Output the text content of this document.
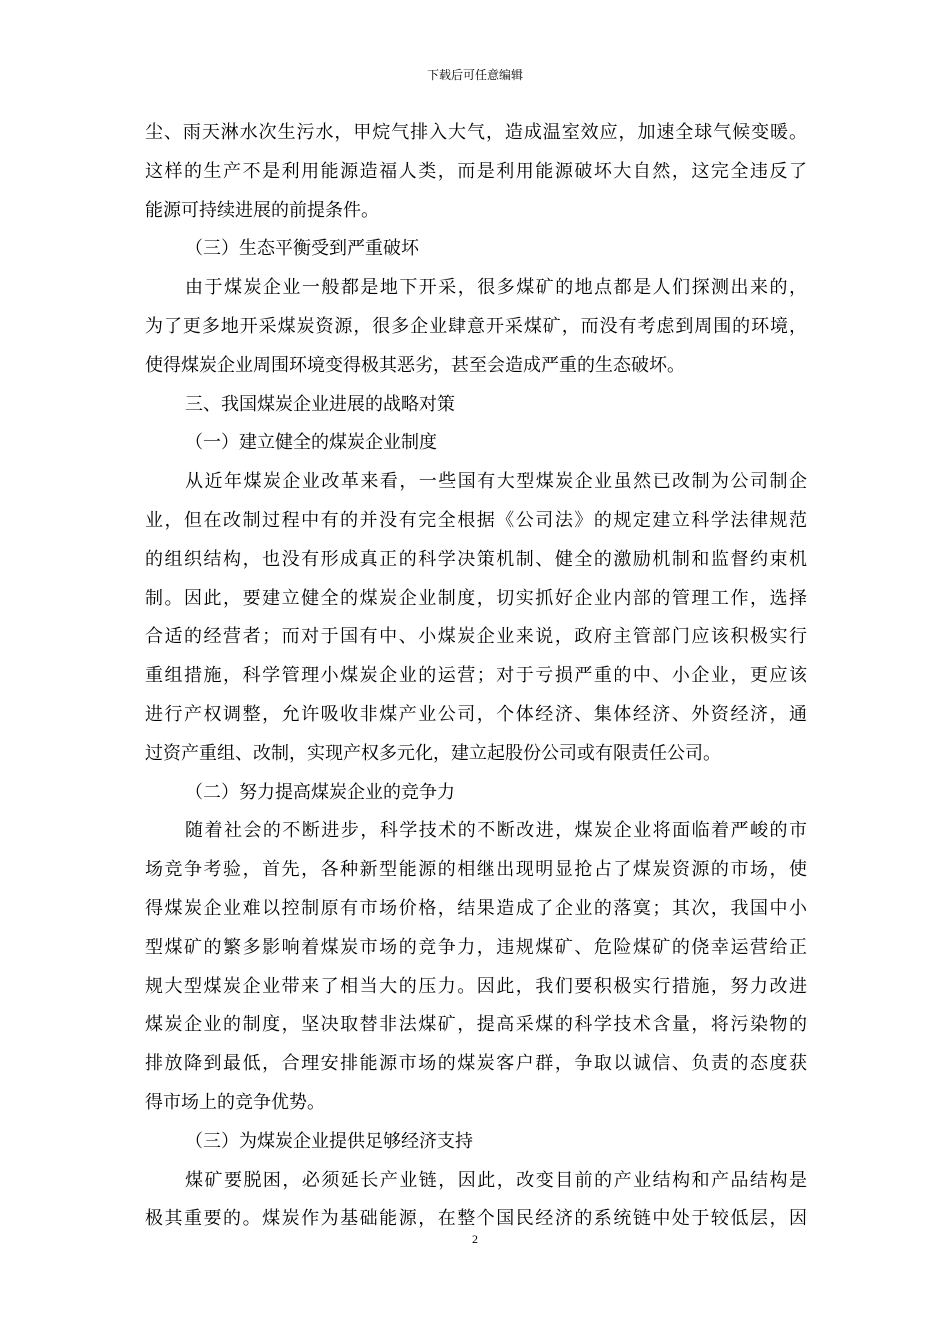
下载后可任意编辑
尘、雨天淋水次生污水，甲烷气排入大气，造成温室效应，加速全球气候变暖。
这样的生产不是利用能源造福人类，而是利用能源破坏大自然，这完全违反了
能源可持续进展的前提条件。
（三）生态平衡受到严重破坏
由于煤炭企业一般都是地下开采，很多煤矿的地点都是人们探测出来的，
为了更多地开采煤炭资源，很多企业肆意开采煤矿，而没有考虑到周围的环境，
使得煤炭企业周围环境变得极其恶劣，甚至会造成严重的生态破坏。
三、我国煤炭企业进展的战略对策
（一）建立健全的煤炭企业制度
从近年煤炭企业改革来看，一些国有大型煤炭企业虽然已改制为公司制企
业，但在改制过程中有的并没有完全根据《公司法》的规定建立科学法律规范
的组织结构，也没有形成真正的科学决策机制、健全的激励机制和监督约束机
制。因此，要建立健全的煤炭企业制度，切实抓好企业内部的管理工作，选择
合适的经营者；而对于国有中、小煤炭企业来说，政府主管部门应该积极实行
重组措施，科学管理小煤炭企业的运营；对于亏损严重的中、小企业，更应该
进行产权调整，允许吸收非煤产业公司，个体经济、集体经济、外资经济，通
过资产重组、改制，实现产权多元化，建立起股份公司或有限责任公司。
（二）努力提高煤炭企业的竞争力
随着社会的不断进步，科学技术的不断改进，煤炭企业将面临着严峻的市
场竞争考验，首先，各种新型能源的相继出现明显抢占了煤炭资源的市场，使
得煤炭企业难以控制原有市场价格，结果造成了企业的落寞；其次，我国中小
型煤矿的繁多影响着煤炭市场的竞争力，违规煤矿、危险煤矿的侥幸运营给正
规大型煤炭企业带来了相当大的压力。因此，我们要积极实行措施，努力改进
煤炭企业的制度，坚决取替非法煤矿，提高采煤的科学技术含量，将污染物的
排放降到最低，合理安排能源市场的煤炭客户群，争取以诚信、负责的态度获
得市场上的竞争优势。
（三）为煤炭企业提供足够经济支持
煤矿要脱困，必须延长产业链，因此，改变目前的产业结构和产品结构是
极其重要的。煤炭作为基础能源，在整个国民经济的系统链中处于较低层，因
2
